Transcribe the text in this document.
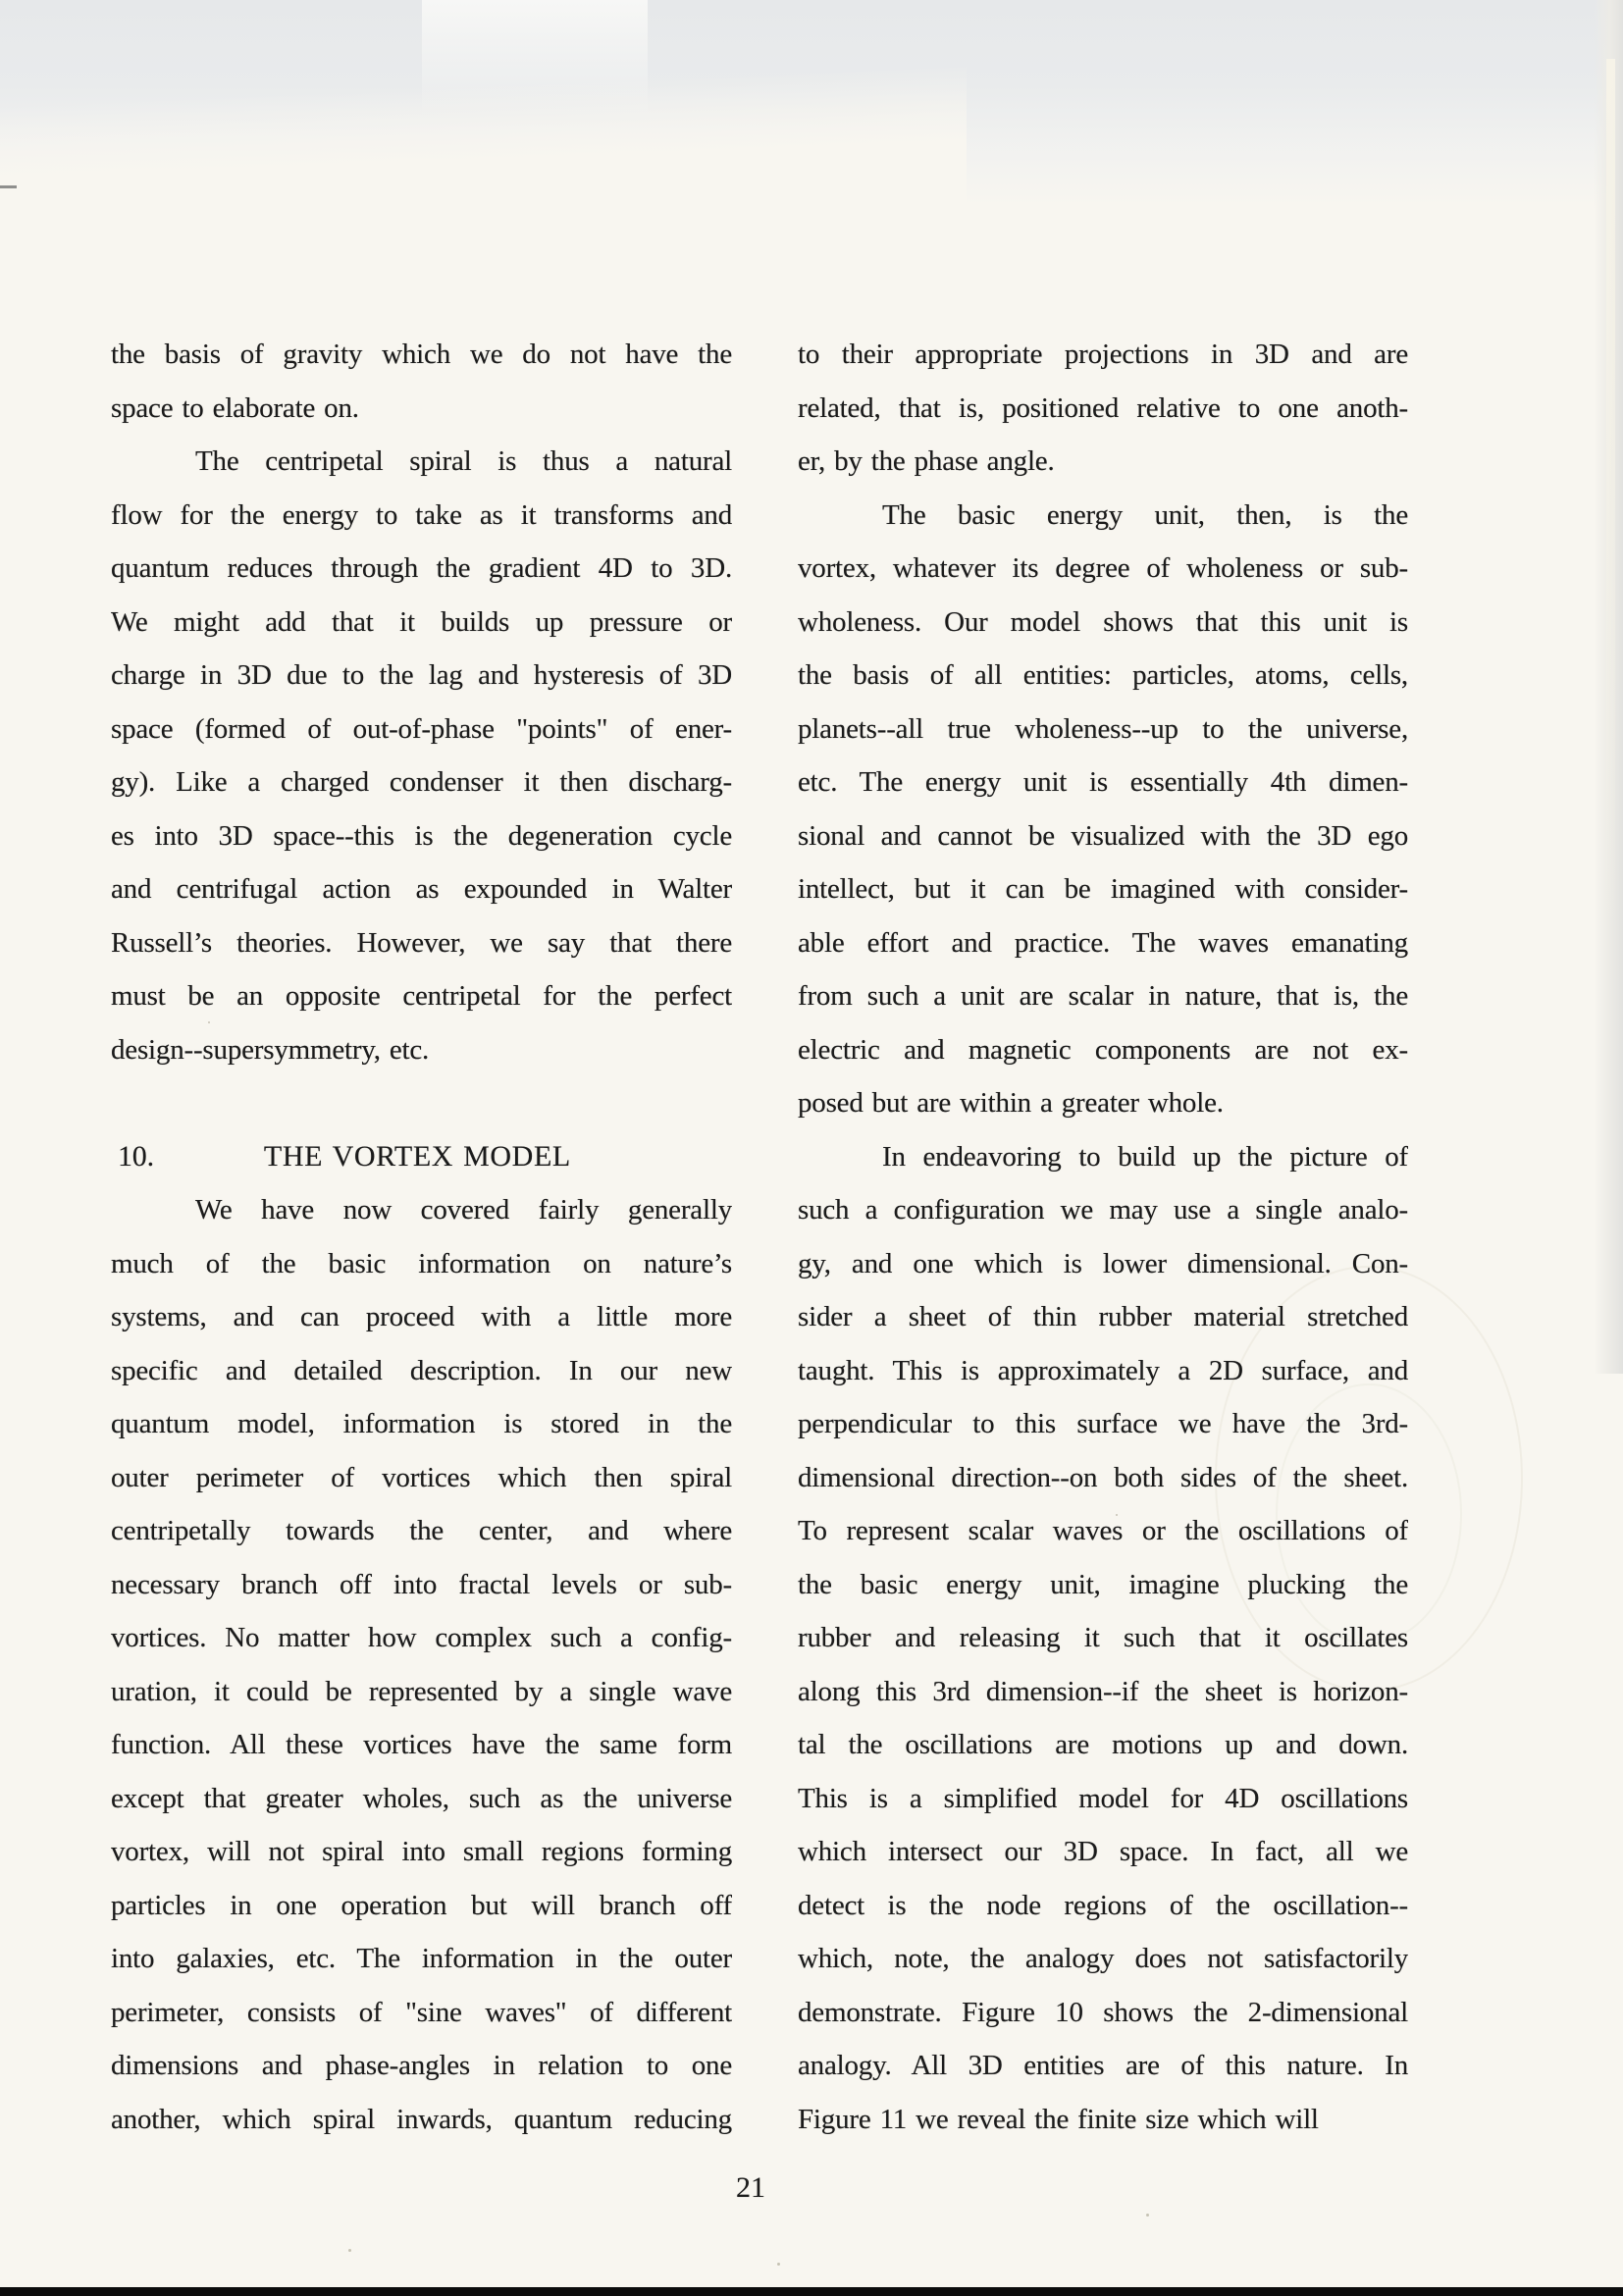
the basis of gravity which we do not have the
space to elaborate on.
The centripetal spiral is thus a natural
flow for the energy to take as it transforms and
quantum reduces through the gradient 4D to 3D.
We might add that it builds up pressure or
charge in 3D due to the lag and hysteresis of 3D
space (formed of out-of-phase "points" of ener-
gy). Like a charged condenser it then discharg-
es into 3D space--this is the degeneration cycle
and centrifugal action as expounded in Walter
Russell’s theories. However, we say that there
must be an opposite centripetal for the perfect
design--supersymmetry, etc.
10.	THE VORTEX MODEL
We have now covered fairly generally
much of the basic information on nature’s
systems, and can proceed with a little more
specific and detailed description. In our new
quantum model, information is stored in the
outer perimeter of vortices which then spiral
centripetally towards the center, and where
necessary branch off into fractal levels or sub-
vortices. No matter how complex such a config-
uration, it could be represented by a single wave
function. All these vortices have the same form
except that greater wholes, such as the universe
vortex, will not spiral into small regions forming
particles in one operation but will branch off
into galaxies, etc. The information in the outer
perimeter, consists of "sine waves" of different
dimensions and phase-angles in relation to one
another, which spiral inwards, quantum reducing
to their appropriate projections in 3D and are
related, that is, positioned relative to one anoth-
er, by the phase angle.
The basic energy unit, then, is the
vortex, whatever its degree of wholeness or sub-
wholeness. Our model shows that this unit is
the basis of all entities: particles, atoms, cells,
planets--all true wholeness--up to the universe,
etc. The energy unit is essentially 4th dimen-
sional and cannot be visualized with the 3D ego
intellect, but it can be imagined with consider-
able effort and practice. The waves emanating
from such a unit are scalar in nature, that is, the
electric and magnetic components are not ex-
posed but are within a greater whole.
In endeavoring to build up the picture of
such a configuration we may use a single analo-
gy, and one which is lower dimensional. Con-
sider a sheet of thin rubber material stretched
taught. This is approximately a 2D surface, and
perpendicular to this surface we have the 3rd-
dimensional direction--on both sides of the sheet.
To represent scalar waves or the oscillations of
the basic energy unit, imagine plucking the
rubber and releasing it such that it oscillates
along this 3rd dimension--if the sheet is horizon-
tal the oscillations are motions up and down.
This is a simplified model for 4D oscillations
which intersect our 3D space. In fact, all we
detect is the node regions of the oscillation--
which, note, the analogy does not satisfactorily
demonstrate. Figure 10 shows the 2-dimensional
analogy. All 3D entities are of this nature. In
Figure 11 we reveal the finite size which will
21
